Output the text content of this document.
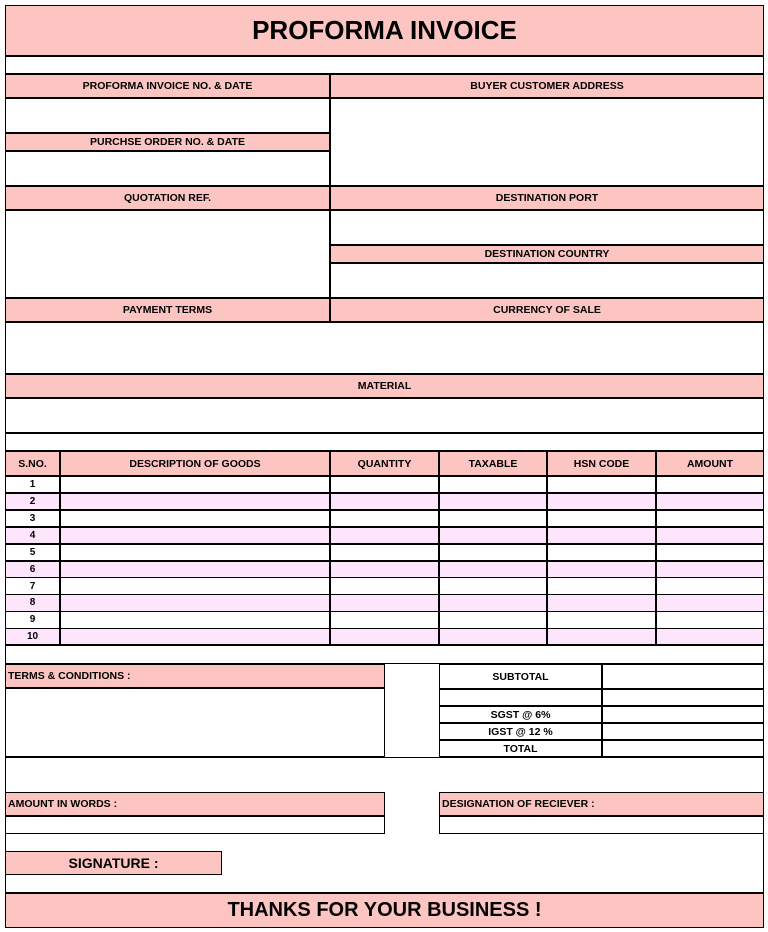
PROFORMA INVOICE
PROFORMA INVOICE NO. & DATE	BUYER CUSTOMER ADDRESS
PURCHSE ORDER NO. & DATE
QUOTATION REF.	DESTINATION PORT
DESTINATION COUNTRY
PAYMENT TERMS	CURRENCY OF SALE
MATERIAL
S.NO.	DESCRIPTION OF GOODS	QUANTITY	TAXABLE	HSN CODE	AMOUNT
1
2
3
4
5
6
7
8
9
10
TERMS & CONDITIONS :	SUBTOTAL
SGST @ 6%
IGST @ 12 %
TOTAL
AMOUNT IN WORDS :	DESIGNATION OF RECIEVER :
SIGNATURE :
THANKS FOR YOUR BUSINESS !
